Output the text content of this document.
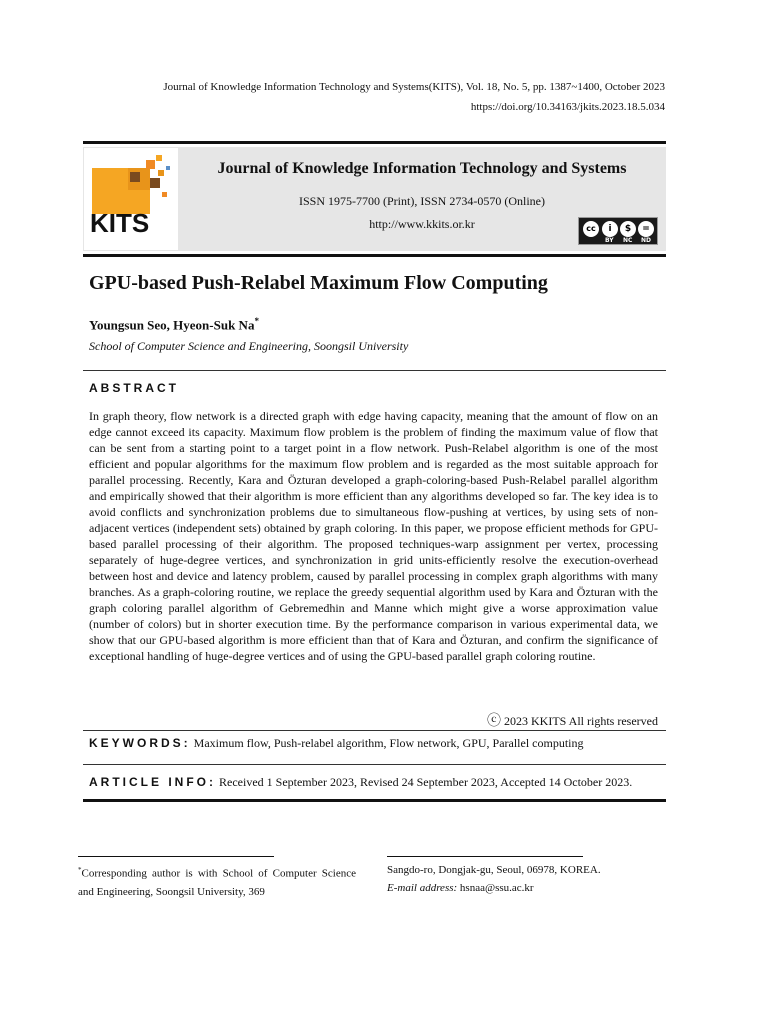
Journal of Knowledge Information Technology and Systems(KITS), Vol. 18, No. 5, pp. 1387~1400, October 2023
https://doi.org/10.34163/jkits.2023.18.5.034
KITS
Journal of Knowledge Information Technology and Systems
ISSN 1975-7700 (Print), ISSN 2734-0570 (Online)
http://www.kkits.or.kr	cc	i	$	=
BY NC ND
GPU-based Push-Relabel Maximum Flow Computing
Youngsun Seo, Hyeon-Suk Na*
School of Computer Science and Engineering, Soongsil University
ABSTRACT
In graph theory, flow network is a directed graph with edge having capacity, meaning that the amount of flow on an edge cannot exceed its capacity. Maximum flow problem is the problem of finding the maximum value of flow that can be sent from a starting point to a target point in a flow network. Push-Relabel algorithm is one of the most efficient and popular algorithms for the maximum flow problem and is regarded as the most suitable approach for parallel processing. Recently, Kara and Özturan developed a graph-coloring-based Push-Relabel parallel algorithm and empirically showed that their algorithm is more efficient than any algorithms developed so far. The key idea is to avoid conflicts and synchronization problems due to simultaneous flow-pushing at vertices, by using sets of non-adjacent vertices (independent sets) obtained by graph coloring. In this paper, we propose efficient methods for GPU-based parallel processing of their algorithm. The proposed techniques-warp assignment per vertex, processing separately of huge-degree vertices, and synchronization in grid units-efficiently resolve the execution-overhead between host and device and latency problem, caused by parallel processing in complex graph algorithms with many branches. As a graph-coloring routine, we replace the greedy sequential algorithm used by Kara and Özturan with the graph coloring parallel algorithm of Gebremedhin and Manne which might give a worse approximation value (number of colors) but in shorter execution time. By the performance comparison in various experimental data, we show that our GPU-based algorithm is more efficient than that of Kara and Özturan, and confirm the significance of exceptional handling of huge-degree vertices and of using the GPU-based parallel graph coloring routine.
ⓒ 2023 KKITS All rights reserved
KEYWORDS: Maximum flow, Push-relabel algorithm, Flow network, GPU, Parallel computing
ARTICLE INFO: Received 1 September 2023, Revised 24 September 2023, Accepted 14 October 2023.
*Corresponding author is with School of Computer Science and Engineering, Soongsil University, 369
Sangdo-ro, Dongjak-gu, Seoul, 06978, KOREA.
E-mail address: hsnaa@ssu.ac.kr
